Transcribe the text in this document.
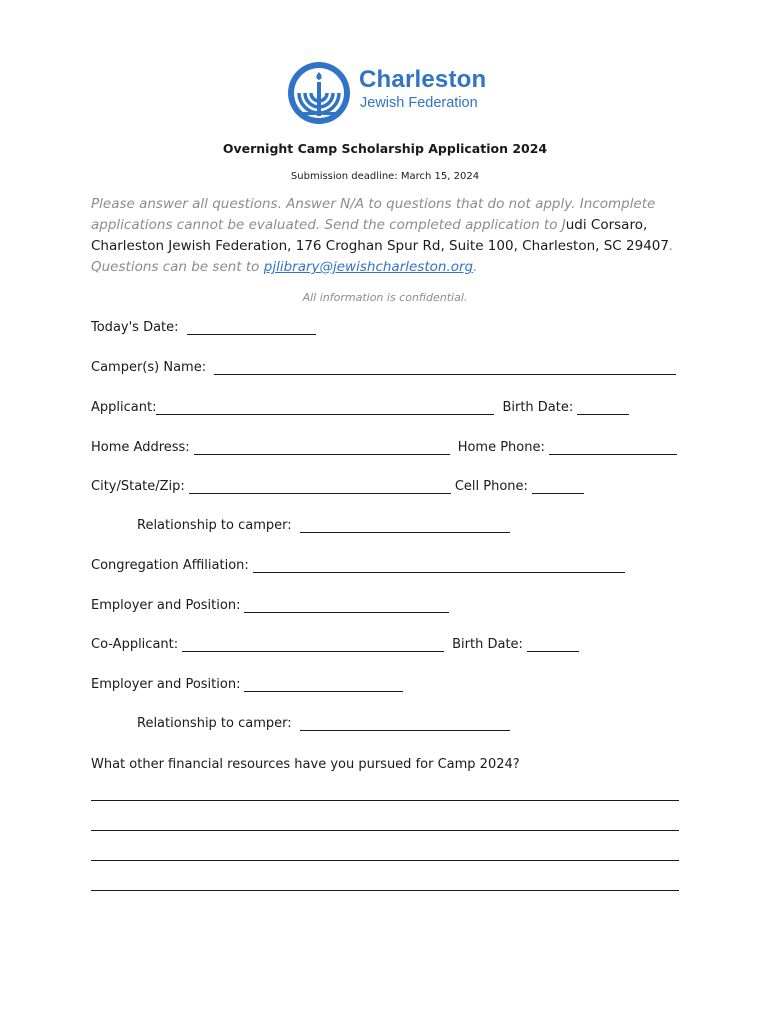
Charleston
Jewish Federation
Overnight Camp Scholarship Application 2024
Submission deadline: March 15, 2024
Please answer all questions. Answer N/A to questions that do not apply. Incomplete applications cannot be evaluated. Send the completed application to Judi Corsaro, Charleston Jewish Federation, 176 Croghan Spur Rd, Suite 100, Charleston, SC 29407. Questions can be sent to pjlibrary@jewishcharleston.org.
All information is confidential.
Today's Date:
Camper(s) Name:
Applicant:	Birth Date:
Home Address:	Home Phone:
City/State/Zip:	Cell Phone:
Relationship to camper:
Congregation Affiliation:
Employer and Position:
Co-Applicant:	Birth Date:
Employer and Position:
Relationship to camper:
What other financial resources have you pursued for Camp 2024?
